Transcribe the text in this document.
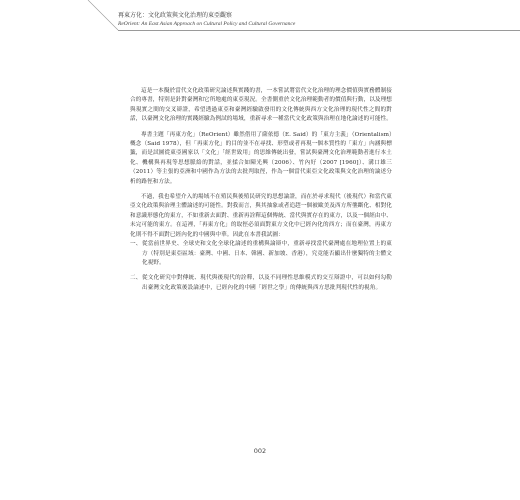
再東方化：文化政策與文化治理的東亞觀察
ReOrient: An East Asian Approach on Cultural Policy and Cultural Governance

這是一本擬於當代文化政策研究論述與實踐的書，一本嘗試將當代文化治理的理念價值與實務體制接合的專書，特別是針對臺灣和它所地處的東亞現況。全書側重於文化治理範動者的價值與行動，以及理想與現實之間的交叉辯證，希望透過東亞和臺灣經驗啟發用的文化傳統與西方文化治理的現代性之間的對話，以臺灣文化治理的實踐經驗為例試的場域，重新尋求一種當代文化政策與治理在地化論述的可能性。

專書主題「再東方化」（ReOrient）雖然借用了薩依德（E. Said）的「東方主義」（Orientalism）概念（Said 1978），但「再東方化」的目的並不在尋找、形塑或者再現一個本質性的「東方」內涵與標籤，而是試圖從東亞國家以「文化」「經世致用」的思維傳統出發，嘗試與臺灣文化治理範動者進行本土化、機構與再現等思想脈絡的對話，並揉合如陳光興（2006）、竹內好（2007 [1960]）、溝口雄三（2011）等主張的亞洲和中國作為方法的去批判取徑，作為一個當代東亞文化政策與文化治理的論述分析的路徑和方法。

不過，我也希望介入的場域不在殖民與後殖民研究的思想論證，而在於尋求現代（後現代）和當代東亞文化政策與治理主體論述的可能性。對我而言，與其抽象或者追趕一個被歐美及西方所壟斷化、相對化和意識形態化的東方，不如重新去面對、重新再詮釋這個傳統、當代與實存在的東方，以及一個經由中、未完可能的東方。在這裡，「再東方化」的取徑必須面對東方文化中已經內化的西方；而在臺灣，再東方化則不得不面對已經內化的中國與中華。因此在本書我試圖：

一、 從當前世界史、全球史和文化全球化論述的重構與論辯中，重新尋找當代臺灣處在地理位置上的東方（特別是東亞區域：臺灣、中國、日本、韓國、新加坡、香港），究竟能否顯出什麼獨特的主體文化視野。
二、 從文化研究中對傳統、現代與後現代的詮釋，以及不同理性思維模式的交互辯證中，可以如何勾勒出臺灣文化政策後設論述中，已經內化的中國「經世之學」的傳統與西方思批判現代性的視角。
002
